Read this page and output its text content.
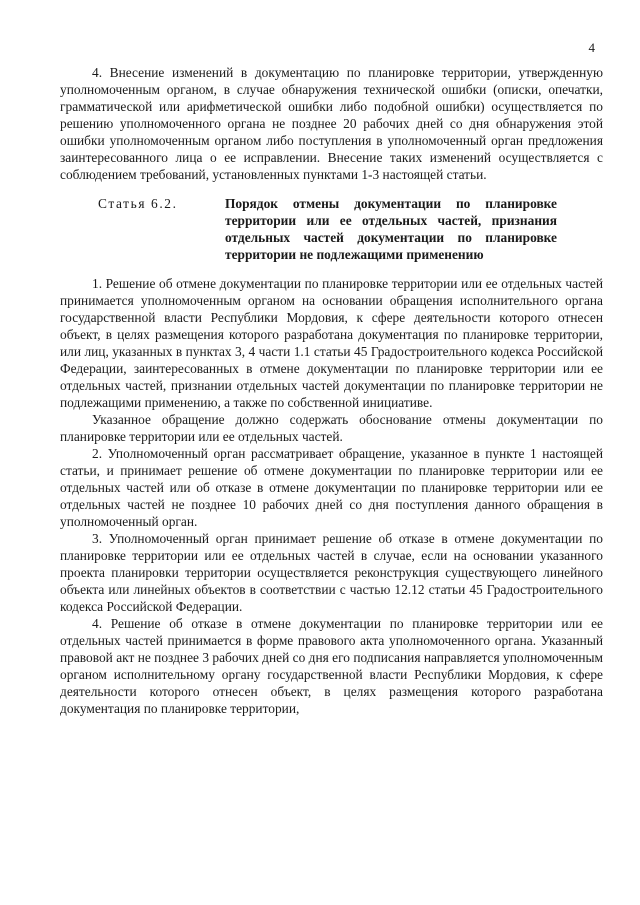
4

4. Внесение изменений в документацию по планировке территории, утвержденную уполномоченным органом, в случае обнаружения технической ошибки (описки, опечатки, грамматической или арифметической ошибки либо подобной ошибки) осуществляется по решению уполномоченного органа не позднее 20 рабочих дней со дня обнаружения этой ошибки уполномоченным органом либо поступления в уполномоченный орган предложения заинтересованного лица о ее исправлении. Внесение таких изменений осуществляется с соблюдением требований, установленных пунктами 1-3 настоящей статьи.

Статья 6.2.	Порядок отмены документации по планировке территории или ее отдельных частей, признания отдельных частей документации по планировке территории не подлежащими применению

1. Решение об отмене документации по планировке территории или ее отдельных частей принимается уполномоченным органом на основании обращения исполнительного органа государственной власти Республики Мордовия, к сфере деятельности которого отнесен объект, в целях размещения которого разработана документация по планировке территории, или лиц, указанных в пунктах 3, 4 части 1.1 статьи 45 Градостроительного кодекса Российской Федерации, заинтересованных в отмене документации по планировке территории или ее отдельных частей, признании отдельных частей документации по планировке территории не подлежащими применению, а также по собственной инициативе.

Указанное обращение должно содержать обоснование отмены документации по планировке территории или ее отдельных частей.

2. Уполномоченный орган рассматривает обращение, указанное в пункте 1 настоящей статьи, и принимает решение об отмене документации по планировке территории или ее отдельных частей или об отказе в отмене документации по планировке территории или ее отдельных частей не позднее 10 рабочих дней со дня поступления данного обращения в уполномоченный орган.

3. Уполномоченный орган принимает решение об отказе в отмене документации по планировке территории или ее отдельных частей в случае, если на основании указанного проекта планировки территории осуществляется реконструкция существующего линейного объекта или линейных объектов в соответствии с частью 12.12 статьи 45 Градостроительного кодекса Российской Федерации.

4. Решение об отказе в отмене документации по планировке территории или ее отдельных частей принимается в форме правового акта уполномоченного органа. Указанный правовой акт не позднее 3 рабочих дней со дня его подписания направляется уполномоченным органом исполнительному органу государственной власти Республики Мордовия, к сфере деятельности которого отнесен объект, в целях размещения которого разработана документация по планировке территории,
